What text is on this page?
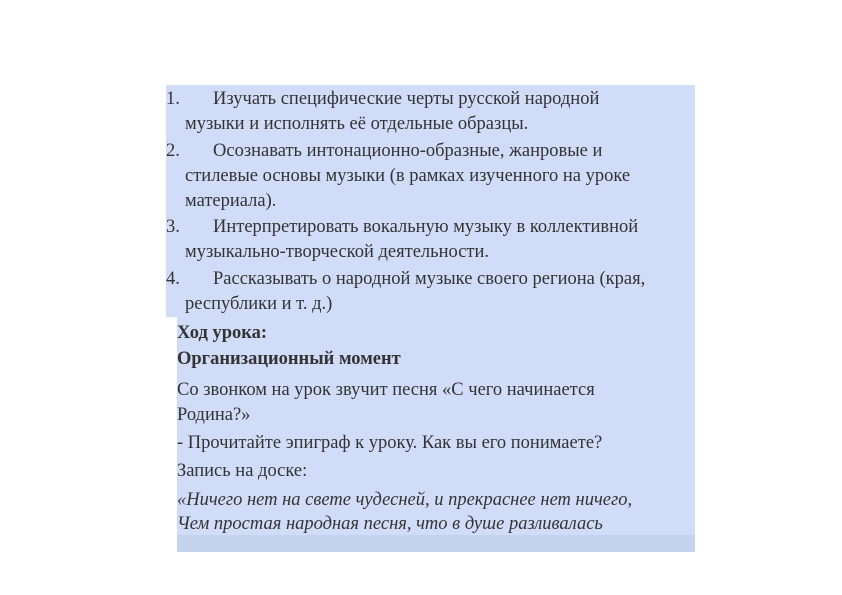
1. Изучать специфические черты русской народной
музыки и исполнять её отдельные образцы.
2. Осознавать интонационно-образные, жанровые и
стилевые основы музыки (в рамках изученного на уроке
материала).
3. Интерпретировать вокальную музыку в коллективной
музыкально-творческой деятельности.
4. Рассказывать о народной музыке своего региона (края,
республики и т. д.)
Ход урока:
Организационный момент
Со звонком на урок звучит песня «С чего начинается
Родина?»
- Прочитайте эпиграф к уроку. Как вы его понимаете?
Запись на доске:
«Ничего нет на свете чудесней, и прекраснее нет ничего,
Чем простая народная песня, что в душе разливалась
